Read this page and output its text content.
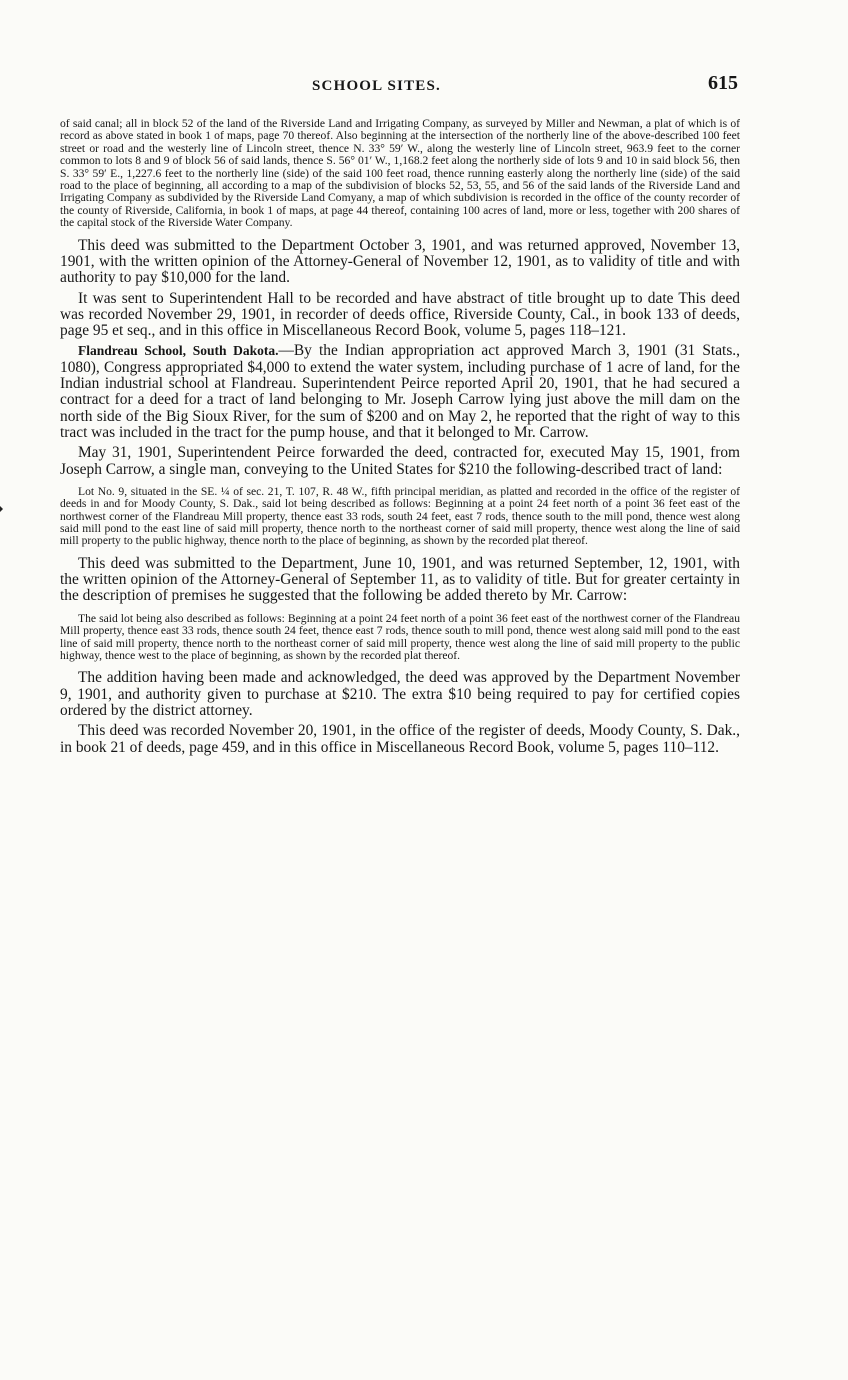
SCHOOL SITES.	615

of said canal; all in block 52 of the land of the Riverside Land and Irrigating Company, as surveyed by Miller and Newman, a plat of which is of record as above stated in book 1 of maps, page 70 thereof. Also beginning at the intersection of the northerly line of the above-described 100 feet street or road and the westerly line of Lincoln street, thence N. 33° 59′ W., along the westerly line of Lincoln street, 963.9 feet to the corner common to lots 8 and 9 of block 56 of said lands, thence S. 56° 01′ W., 1,168.2 feet along the northerly side of lots 9 and 10 in said block 56, then S. 33° 59′ E., 1,227.6 feet to the northerly line (side) of the said 100 feet road, thence running easterly along the northerly line (side) of the said road to the place of beginning, all according to a map of the subdivision of blocks 52, 53, 55, and 56 of the said lands of the Riverside Land and Irrigating Company as subdivided by the Riverside Land Comyany, a map of which subdivision is recorded in the office of the county recorder of the county of Riverside, California, in book 1 of maps, at page 44 thereof, containing 100 acres of land, more or less, together with 200 shares of the capital stock of the Riverside Water Company.

This deed was submitted to the Department October 3, 1901, and was returned approved, November 13, 1901, with the written opinion of the Attorney-General of November 12, 1901, as to validity of title and with authority to pay $10,000 for the land.

It was sent to Superintendent Hall to be recorded and have abstract of title brought up to date This deed was recorded November 29, 1901, in recorder of deeds office, Riverside County, Cal., in book 133 of deeds, page 95 et seq., and in this office in Miscellaneous Record Book, volume 5, pages 118–121.

Flandreau School, South Dakota.—By the Indian appropriation act approved March 3, 1901 (31 Stats., 1080), Congress appropriated $4,000 to extend the water system, including purchase of 1 acre of land, for the Indian industrial school at Flandreau. Superintendent Peirce reported April 20, 1901, that he had secured a contract for a deed for a tract of land belonging to Mr. Joseph Carrow lying just above the mill dam on the north side of the Big Sioux River, for the sum of $200 and on May 2, he reported that the right of way to this tract was included in the tract for the pump house, and that it belonged to Mr. Carrow.

May 31, 1901, Superintendent Peirce forwarded the deed, contracted for, executed May 15, 1901, from Joseph Carrow, a single man, conveying to the United States for $210 the following-described tract of land:

Lot No. 9, situated in the SE. ¼ of sec. 21, T. 107, R. 48 W., fifth principal meridian, as platted and recorded in the office of the register of deeds in and for Moody County, S. Dak., said lot being described as follows: Beginning at a point 24 feet north of a point 36 feet east of the northwest corner of the Flandreau Mill property, thence east 33 rods, south 24 feet, east 7 rods, thence south to the mill pond, thence west along said mill pond to the east line of said mill property, thence north to the northeast corner of said mill property, thence west along the line of said mill property to the public highway, thence north to the place of beginning, as shown by the recorded plat thereof.

This deed was submitted to the Department, June 10, 1901, and was returned September, 12, 1901, with the written opinion of the Attorney-General of September 11, as to validity of title. But for greater certainty in the description of premises he suggested that the following be added thereto by Mr. Carrow:

The said lot being also described as follows: Beginning at a point 24 feet north of a point 36 feet east of the northwest corner of the Flandreau Mill property, thence east 33 rods, thence south 24 feet, thence east 7 rods, thence south to mill pond, thence west along said mill pond to the east line of said mill property, thence north to the northeast corner of said mill property, thence west along the line of said mill property to the public highway, thence west to the place of beginning, as shown by the recorded plat thereof.

The addition having been made and acknowledged, the deed was approved by the Department November 9, 1901, and authority given to purchase at $210. The extra $10 being required to pay for certified copies ordered by the district attorney.

This deed was recorded November 20, 1901, in the office of the register of deeds, Moody County, S. Dak., in book 21 of deeds, page 459, and in this office in Miscellaneous Record Book, volume 5, pages 110–112.
